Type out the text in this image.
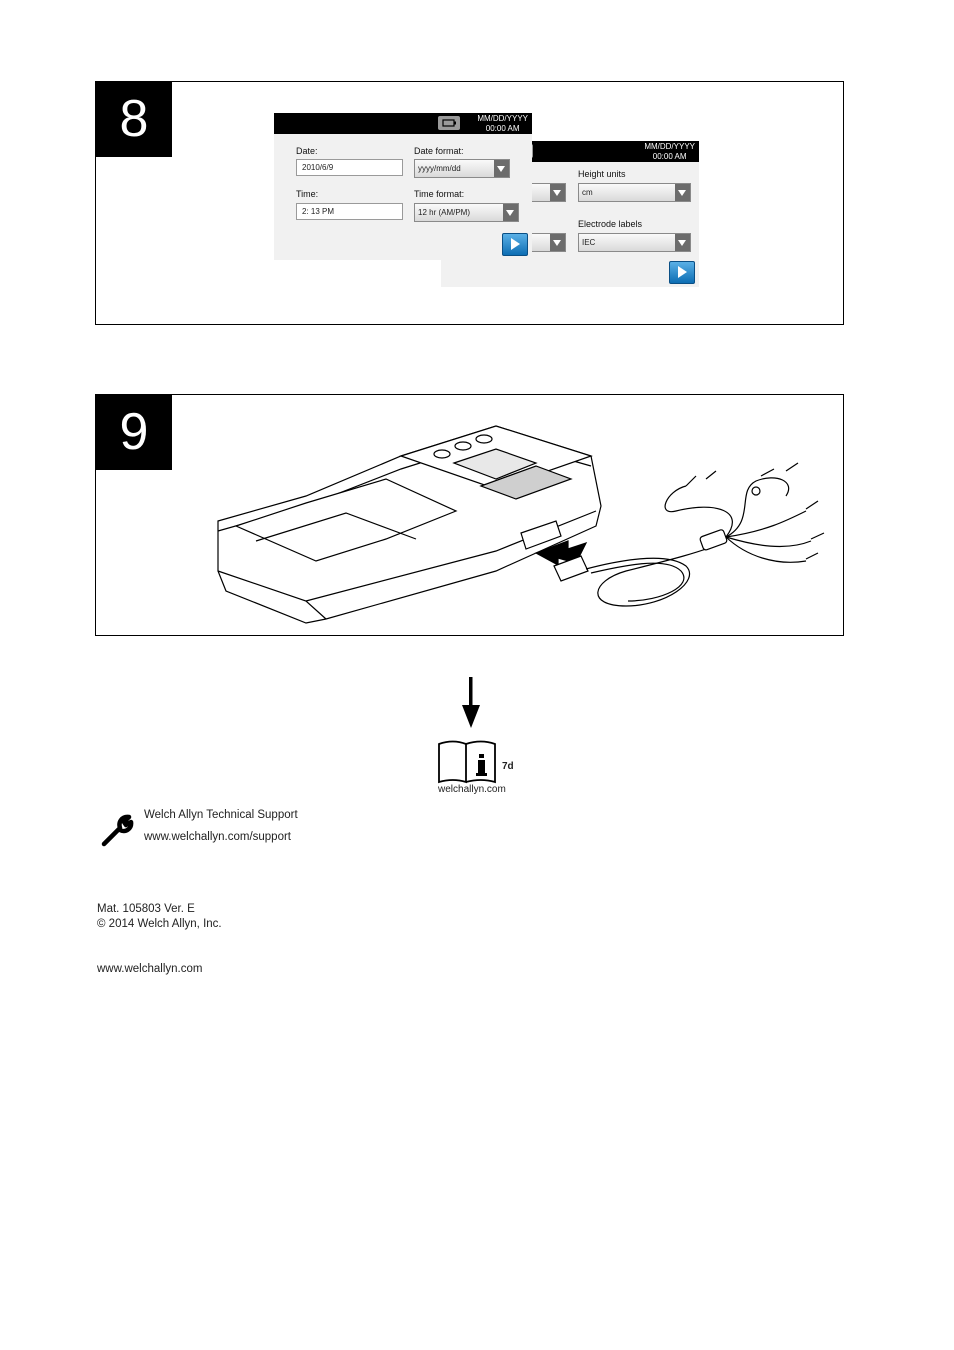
8	MM/DD/YYYY
00:00 AM
Height units
cm
Electrode labels
IEC
MM/DD/YYYY
00:00 AM
Date:
2010/6/9
Date format:
yyyy/mm/dd
Time:
2: 13 PM
Time format:
12 hr (AM/PM)
9
7d
welchallyn.com
Welch Allyn Technical Support
www.welchallyn.com/support
Mat. 105803 Ver. E
© 2014 Welch Allyn, Inc.
www.welchallyn.com
